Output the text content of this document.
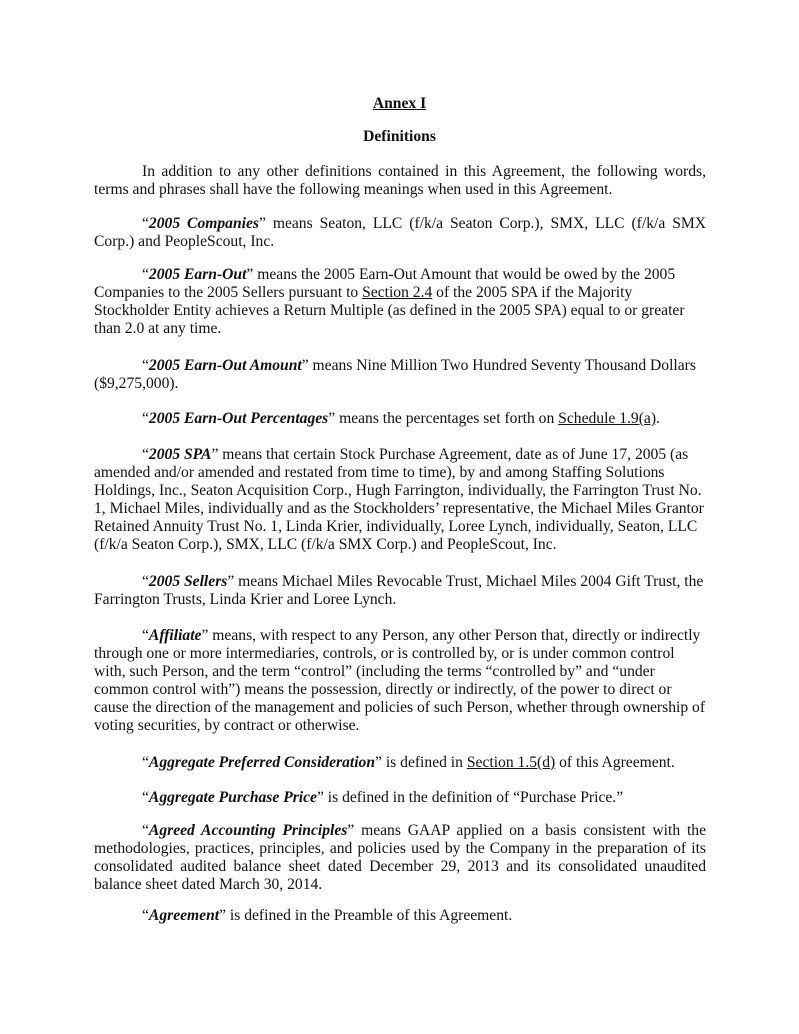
Annex I

Definitions

In addition to any other definitions contained in this Agreement, the following words, terms and phrases shall have the following meanings when used in this Agreement.

“2005 Companies” means Seaton, LLC (f/k/a Seaton Corp.), SMX, LLC (f/k/a SMX Corp.) and PeopleScout, Inc.

“2005 Earn-Out” means the 2005 Earn-Out Amount that would be owed by the 2005 Companies to the 2005 Sellers pursuant to Section 2.4 of the 2005 SPA if the Majority Stockholder Entity achieves a Return Multiple (as defined in the 2005 SPA) equal to or greater than 2.0 at any time.

“2005 Earn-Out Amount” means Nine Million Two Hundred Seventy Thousand Dollars ($9,275,000).

“2005 Earn-Out Percentages” means the percentages set forth on Schedule 1.9(a).

“2005 SPA” means that certain Stock Purchase Agreement, date as of June 17, 2005 (as amended and/or amended and restated from time to time), by and among Staffing Solutions Holdings, Inc., Seaton Acquisition Corp., Hugh Farrington, individually, the Farrington Trust No. 1, Michael Miles, individually and as the Stockholders’ representative, the Michael Miles Grantor Retained Annuity Trust No. 1, Linda Krier, individually, Loree Lynch, individually, Seaton, LLC (f/k/a Seaton Corp.), SMX, LLC (f/k/a SMX Corp.) and PeopleScout, Inc.

“2005 Sellers” means Michael Miles Revocable Trust, Michael Miles 2004 Gift Trust, the Farrington Trusts, Linda Krier and Loree Lynch.

“Affiliate” means, with respect to any Person, any other Person that, directly or indirectly through one or more intermediaries, controls, or is controlled by, or is under common control with, such Person, and the term “control” (including the terms “controlled by” and “under common control with”) means the possession, directly or indirectly, of the power to direct or cause the direction of the management and policies of such Person, whether through ownership of voting securities, by contract or otherwise.

“Aggregate Preferred Consideration” is defined in Section 1.5(d) of this Agreement.

“Aggregate Purchase Price” is defined in the definition of “Purchase Price.”

“Agreed Accounting Principles” means GAAP applied on a basis consistent with the methodologies, practices, principles, and policies used by the Company in the preparation of its consolidated audited balance sheet dated December 29, 2013 and its consolidated unaudited balance sheet dated March 30, 2014.

“Agreement” is defined in the Preamble of this Agreement.
